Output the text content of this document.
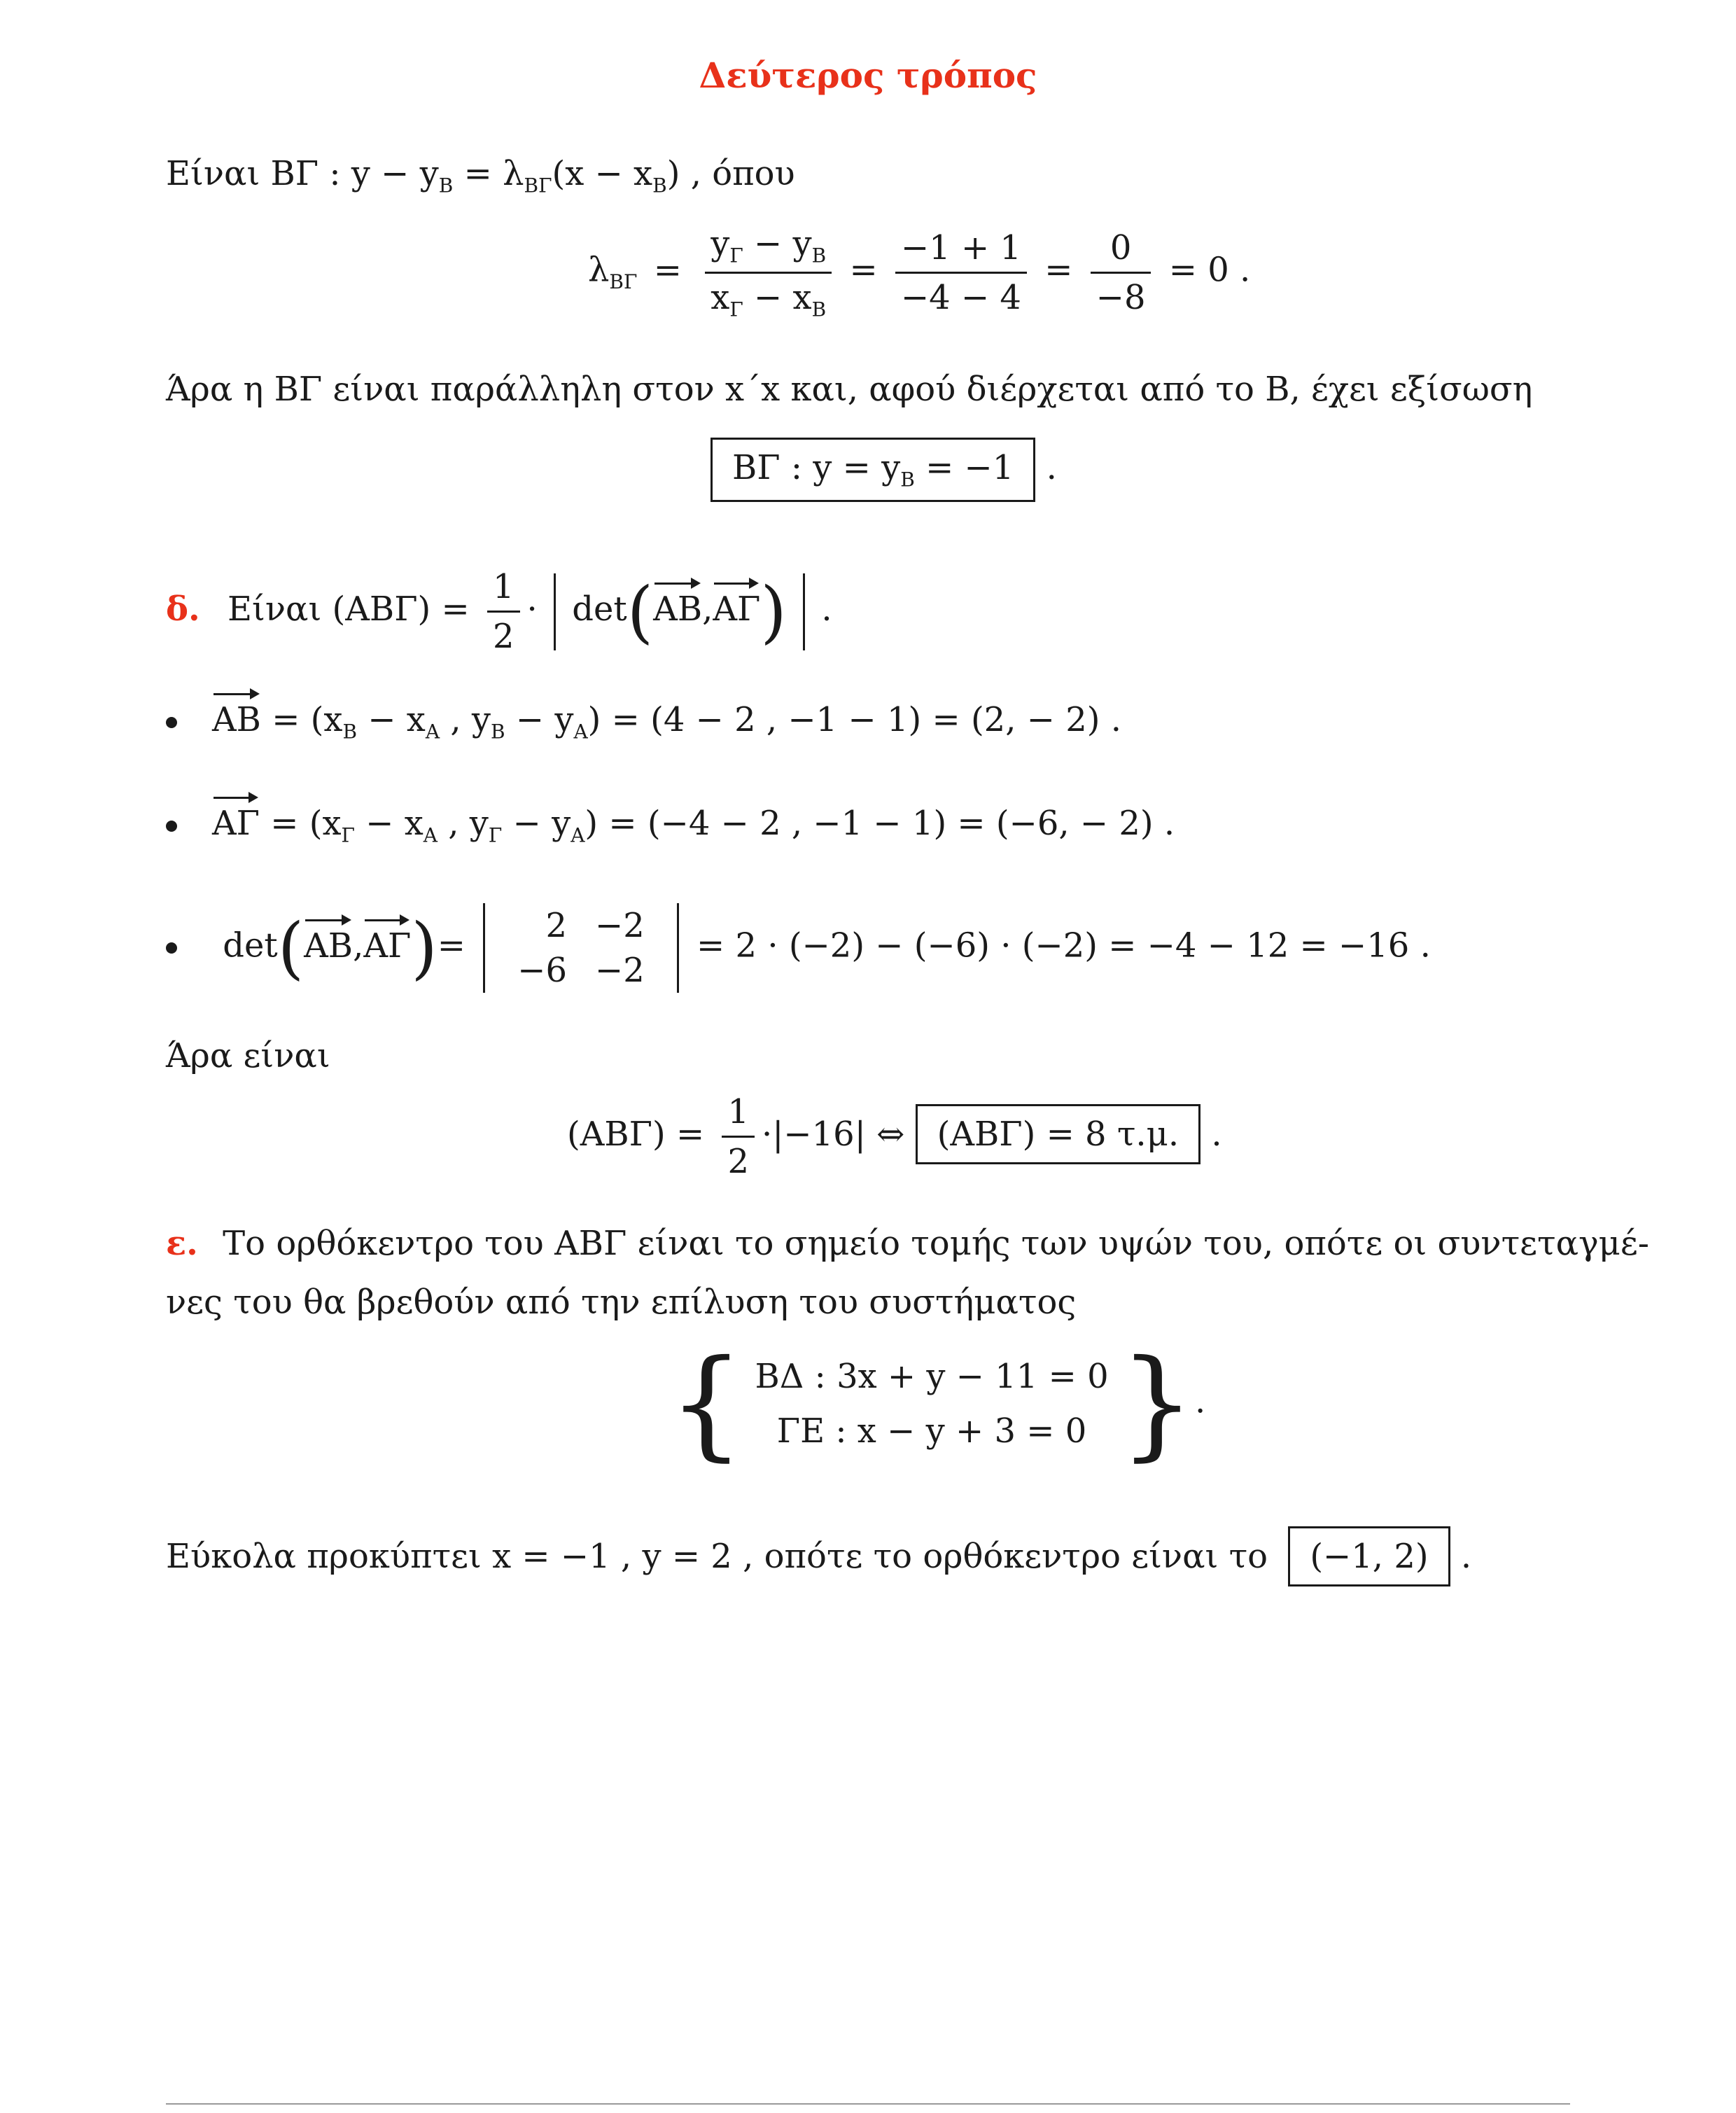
Δεύτερος τρόπος
Είναι ΒΓ : $y - y_B = \lambda_{B\Gamma}(x - x_B)$ , όπου
$\lambda_{B\Gamma} = \frac{y_\Gamma - y_B}{x_\Gamma - x_B} = \frac{-1 + 1}{-4 - 4} = \frac{0}{-8} = 0$ .
Άρα η ΒΓ είναι παράλληλη στον x΄x και, αφού διέρχεται από το Β, έχει εξίσωση
ΒΓ : $y = y_B = -1$ .
δ. Είναι $(AB\Gamma) = \frac{1}{2} \cdot \det(AB,A\Gamma)$ .
$AB = (x_B - x_A$ , $y_B - y_A) = (4 - 2$ , −1 − 1) = (2, − 2) .
$A\Gamma = (x_\Gamma - x_A$ , $y_\Gamma - y_A) = (-4 - 2$ , −1 − 1) = (−6, − 2) .
det(ΑΒ,ΑΓ)=
2	−2
−6	−2
= 2 · (−2) − (−6) · (−2) = −4 − 12 = −16 .
Άρα είναι
$(AB\Gamma) = \frac{1}{2} \cdot|-16|$ ⇔ (ΑΒΓ) = 8 τ.μ. .
ε. Το ορθόκεντρο του ΑΒΓ είναι το σημείο τομής των υψών του, οπότε οι συντεταγμέ-
νες του θα βρεθούν από την επίλυση του συστήματος
{ ΒΔ : 3x + y − 11 = 0
ΓΕ : x − y + 3 = 0 }.
Εύκολα προκύπτει x = −1 , y = 2 , οπότε το ορθόκεντρο είναι το (−1, 2) .
